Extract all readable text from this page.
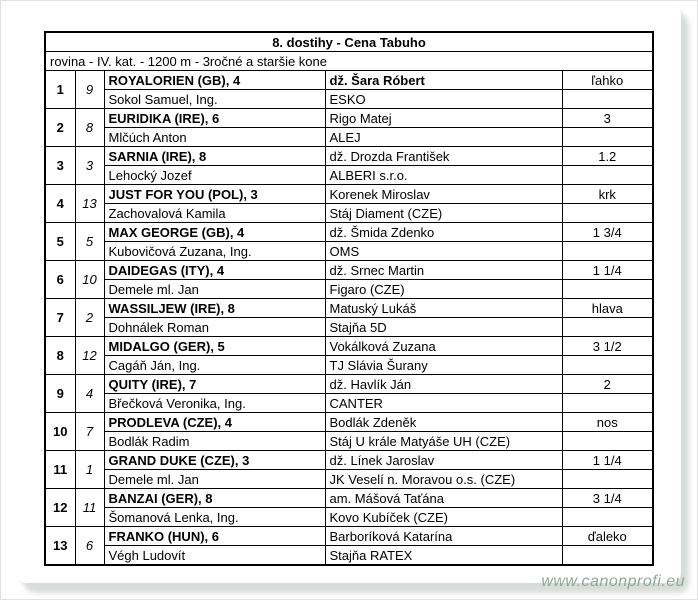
8. dostihy - Cena Tabuho				
rovina - IV. kat. - 1200 m - 3ročné a staršie kone				
1	9	ROYALORIEN (GB), 4	dž. Šara Róbert	ľahko
		Sokol Samuel, Ing.	ESKO	
2	8	EURIDIKA (IRE), 6	Rigo Matej	3
		Mlčúch Anton	ALEJ	
3	3	SARNIA (IRE), 8	dž. Drozda František	1.2
		Lehocký Jozef	ALBERI s.r.o.	
4	13	JUST FOR YOU (POL), 3	Korenek Miroslav	krk
		Zachovalová Kamila	Stáj Diament (CZE)	
5	5	MAX GEORGE (GB), 4	dž. Šmida Zdenko	1 3/4
		Kubovičová Zuzana, Ing.	OMS	
6	10	DAIDEGAS (ITY), 4	dž. Srnec Martin	1 1/4
		Demele ml. Jan	Figaro (CZE)	
7	2	WASSILJEW (IRE), 8	Matuský Lukáš	hlava
		Dohnálek Roman	Stajňa 5D	
8	12	MIDALGO (GER), 5	Vokálková Zuzana	3 1/2
		Cagáň Ján, Ing.	TJ Slávia Šurany	
9	4	QUITY (IRE), 7	dž. Havlík Ján	2
		Břečková Veronika, Ing.	CANTER	
10	7	PRODLEVA (CZE), 4	Bodlák Zdeněk	nos
		Bodlák Radim	Stáj U krále Matyáše UH (CZE)	
11	1	GRAND DUKE (CZE), 3	dž. Línek Jaroslav	1 1/4
		Demele ml. Jan	JK Veselí n. Moravou o.s. (CZE)	
12	11	BANZAI (GER), 8	am. Mášová Taťána	3 1/4
		Šomanová Lenka, Ing.	Kovo Kubíček (CZE)	
13	6	FRANKO (HUN), 6	Barboríková Katarína	ďaleko
		Végh Ludovít	Stajňa RATEX	
www.canonprofi.eu
